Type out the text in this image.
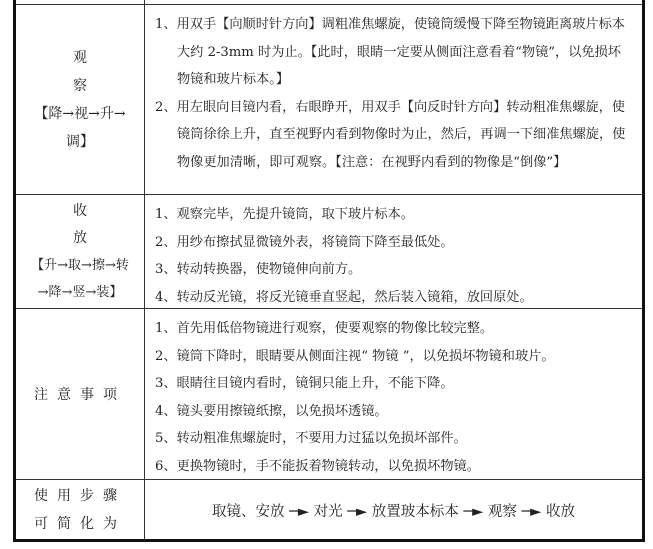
观察
【降→视→升→
调】
1、用双手【向顺时针方向】调粗准焦螺旋，使镜筒缓慢下降至物镜距离玻片标本大约 2-3mm 时为止。【此时，眼睛一定要从侧面注意看着“物镜”，以免损坏物镜和玻片标本。】
2、用左眼向目镜内看，右眼睁开，用双手【向反时针方向】转动粗准焦螺旋，使镜筒徐徐上升，直至视野内看到物像时为止，然后，再调一下细准焦螺旋，使物像更加清晰，即可观察。【注意：在视野内看到的物像是“倒像”】
收放
【升→取→擦→转
→降→竖→装】
1、观察完毕，先提升镜筒，取下玻片标本。
2、用纱布擦拭显微镜外表，将镜筒下降至最低处。
3、转动转换器，使物镜伸向前方。
4、转动反光镜，将反光镜垂直竖起，然后装入镜箱，放回原处。
注意事项
1、首先用低倍物镜进行观察，使要观察的物像比较完整。
2、镜筒下降时，眼睛要从侧面注视“ 物镜 ”，以免损坏物镜和玻片。
3、眼睛往目镜内看时，镜铜只能上升，不能下降。
4、镜头要用擦镜纸擦，以免损坏透镜。
5、转动粗准焦螺旋时，不要用力过猛以免损坏部件。
6、更换物镜时，手不能扳着物镜转动，以免损坏物镜。
使用步骤
可简化为
取镜、安放 ─► 对光 ─► 放置玻本标本 ─► 观察 ─► 收放
